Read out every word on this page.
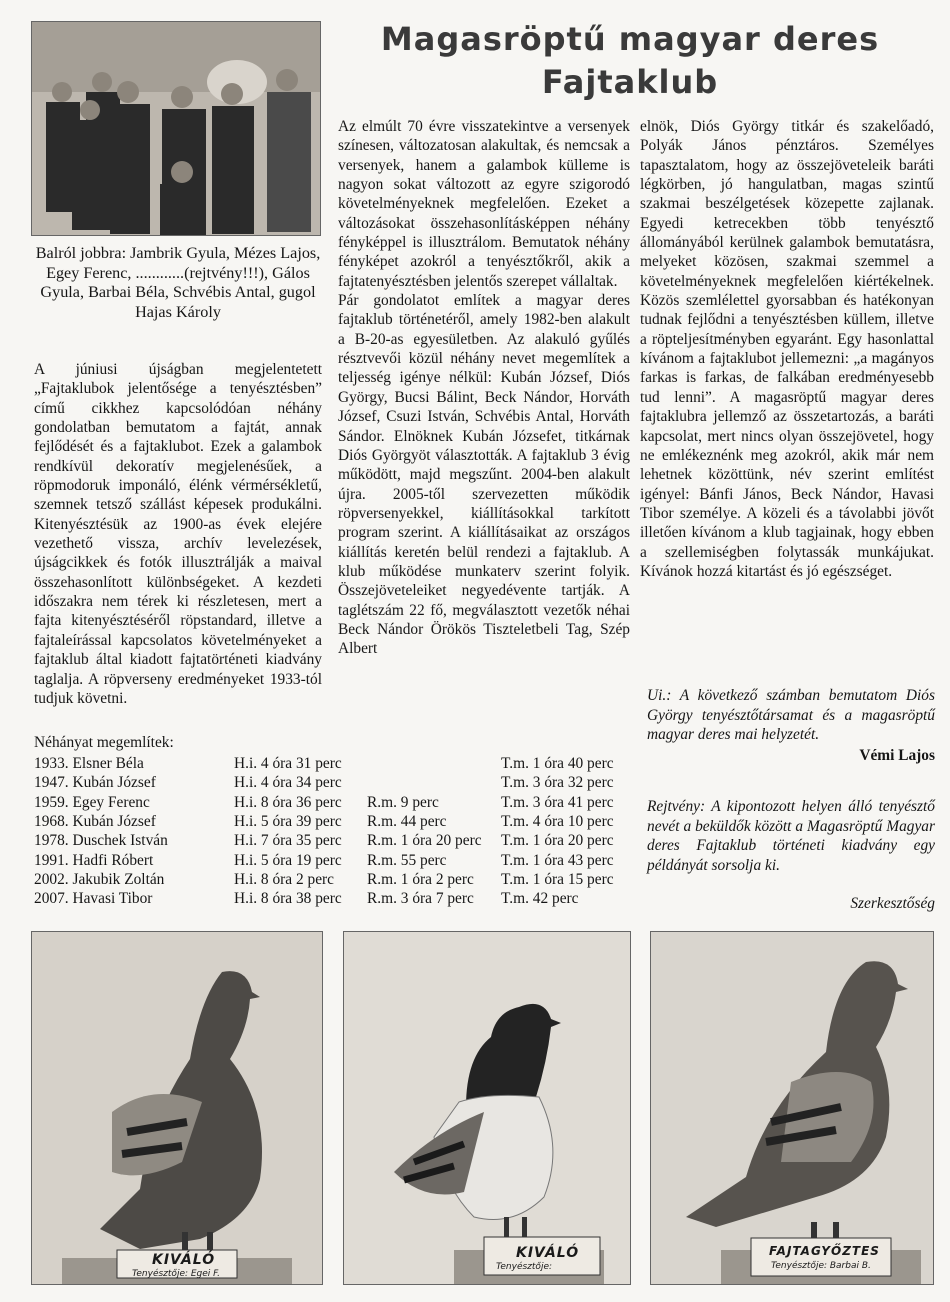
Magasröptű magyar deres
Fajtaklub

Balról jobbra: Jambrik Gyula, Mézes Lajos, Egey Ferenc, ............(rejtvény!!!), Gálos Gyula, Barbai Béla, Schvébis Antal, gugol Hajas Károly

A júniusi újságban megjelentetett „Fajtaklubok jelentősége a tenyésztésben” című cikkhez kapcsolódóan néhány gondolatban bemutatom a fajtát, annak fejlődését és a fajtaklubot. Ezek a galambok rendkívül dekoratív megjelenésűek, a röpmodoruk imponáló, élénk vérmérsékletű, szemnek tetsző szállást képesek produkálni. Kitenyésztésük az 1900-as évek elejére vezethető vissza, archív levelezések, újságcikkek és fotók illusztrálják a maival összehasonlított különbségeket. A kezdeti időszakra nem térek ki részletesen, mert a fajta kitenyésztéséről röpstandard, illetve a fajtaleírással kapcsolatos követelményeket a fajtaklub által kiadott fajtatörténeti kiadvány taglalja. A röpverseny eredményeket 1933-tól tudjuk követni.

Az elmúlt 70 évre visszatekintve a versenyek színesen, változatosan alakultak, és nemcsak a versenyek, hanem a galambok külleme is nagyon sokat változott az egyre szigorodó követelményeknek megfelelően. Ezeket a változásokat összehasonlításképpen néhány fényképpel is illusztrálom. Bemutatok néhány fényképet azokról a tenyésztőkről, akik a fajtatenyésztésben jelentős szerepet vállaltak.

Pár gondolatot említek a magyar deres fajtaklub történetéről, amely 1982-ben alakult a B-20-as egyesületben. Az alakuló gyűlés résztvevői közül néhány nevet megemlítek a teljesség igénye nélkül: Kubán József, Diós György, Bucsi Bálint, Beck Nándor, Horváth József, Csuzi István, Schvébis Antal, Horváth Sándor. Elnöknek Kubán Józsefet, titkárnak Diós Györgyöt választották. A fajtaklub 3 évig működött, majd megszűnt. 2004-ben alakult újra. 2005-től szervezetten működik röpversenyekkel, kiállításokkal tarkított program szerint. A kiállításaikat az országos kiállítás keretén belül rendezi a fajtaklub. A klub működése munkaterv szerint folyik. Összejöveteleiket negyedévente tartják. A taglétszám 22 fő, megválasztott vezetők néhai Beck Nándor Örökös Tiszteletbeli Tag, Szép Albert

elnök, Diós György titkár és szakelőadó, Polyák János pénztáros. Személyes tapasztalatom, hogy az összejöveteleik baráti légkörben, jó hangulatban, magas szintű szakmai beszélgetések közepette zajlanak. Egyedi ketrecekben több tenyésztő állományából kerülnek galambok bemutatásra, melyeket közösen, szakmai szemmel a követelményeknek megfelelően kiértékelnek. Közös szemlélettel gyorsabban és hatékonyan tudnak fejlődni a tenyésztésben küllem, illetve a röpteljesítményben egyaránt. Egy hasonlattal kívánom a fajtaklubot jellemezni: „a magányos farkas is farkas, de falkában eredményesebb tud lenni”. A magasröptű magyar deres fajtaklubra jellemző az összetartozás, a baráti kapcsolat, mert nincs olyan összejövetel, hogy ne emlékeznénk meg azokról, akik már nem lehetnek közöttünk, név szerint említést igényel: Bánfi János, Beck Nándor, Havasi Tibor személye. A közeli és a távolabbi jövőt illetően kívánom a klub tagjainak, hogy ebben a szellemiségben folytassák munkájukat. Kívánok hozzá kitartást és jó egészséget.

Ui.: A következő számban bemutatom Diós György tenyésztőtársamat és a magasröptű magyar deres mai helyzetét.

Vémi Lajos

Rejtvény: A kipontozott helyen álló tenyésztő nevét a beküldők között a Magasröptű Magyar deres Fajtaklub történeti kiadvány egy példányát sorsolja ki.

Szerkesztőség

Néhányat megemlítek:

1933. Elsner Béla	H.i. 4 óra 31 perc	T.m. 1 óra 40 perc
1947. Kubán József	H.i. 4 óra 34 perc	T.m. 3 óra 32 perc
1959. Egey Ferenc	H.i. 8 óra 36 perc R.m. 9 perc	T.m. 3 óra 41 perc
1968. Kubán József	H.i. 5 óra 39 perc R.m. 44 perc	T.m. 4 óra 10 perc
1978. Duschek István	H.i. 7 óra 35 perc R.m. 1 óra 20 perc T.m. 1 óra 20 perc
1991. Hadfi Róbert	H.i. 5 óra 19 perc R.m. 55 perc	T.m. 1 óra 43 perc
2002. Jakubik Zoltán	H.i. 8 óra 2 perc R.m. 1 óra 2 perc T.m. 1 óra 15 perc
2007. Havasi Tibor	H.i. 8 óra 38 perc R.m. 3 óra 7 perc T.m. 42 perc
KIVÁLÓ
Tenyésztője: Egei F.
KIVÁLÓ
Tenyésztője:
FAJTAGYŐZTES
Tenyésztője: Barbai B.
